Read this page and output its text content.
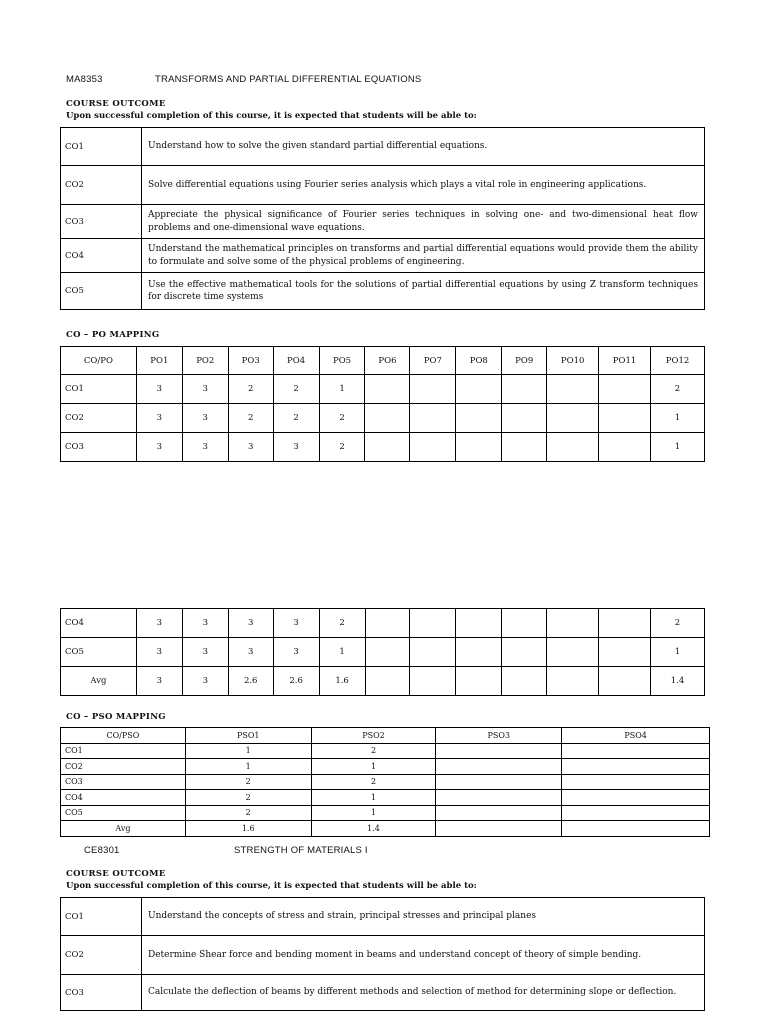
MA8353	TRANSFORMS AND PARTIAL DIFFERENTIAL EQUATIONS
COURSE OUTCOME
Upon successful completion of this course, it is expected that students will be able to:
CO1	Understand how to solve the given standard partial differential equations.
CO2	Solve differential equations using Fourier series analysis which plays a vital role in engineering applications.
CO3	Appreciate the physical significance of Fourier series techniques in solving one- and two-dimensional heat flow problems and one-dimensional wave equations.
CO4	Understand the mathematical principles on transforms and partial differential equations would provide them the ability to formulate and solve some of the physical problems of engineering.
CO5	Use the effective mathematical tools for the solutions of partial differential equations by using Z transform techniques for discrete time systems
CO – PO MAPPING
CO/PO	PO1	PO2	PO3	PO4	PO5	PO6	PO7	PO8	PO9	PO10	PO11	PO12
CO1	3	3	2	2	1							2
CO2	3	3	2	2	2							1
CO3	3	3	3	3	2							1
CO4	3	3	3	3	2							2
CO5	3	3	3	3	1							1
Avg	3	3	2.6	2.6	1.6							1.4
CO – PSO MAPPING
CO/PSO	PSO1	PSO2	PSO3	PSO4
CO1	1	2		
CO2	1	1		
CO3	2	2		
CO4	2	1		
CO5	2	1		
Avg	1.6	1.4		
CE8301	STRENGTH OF MATERIALS I
COURSE OUTCOME
Upon successful completion of this course, it is expected that students will be able to:
CO1	Understand the concepts of stress and strain, principal stresses and principal planes
CO2	Determine Shear force and bending moment in beams and understand concept of theory of simple bending.
CO3	Calculate the deflection of beams by different methods and selection of method for determining slope or deflection.
